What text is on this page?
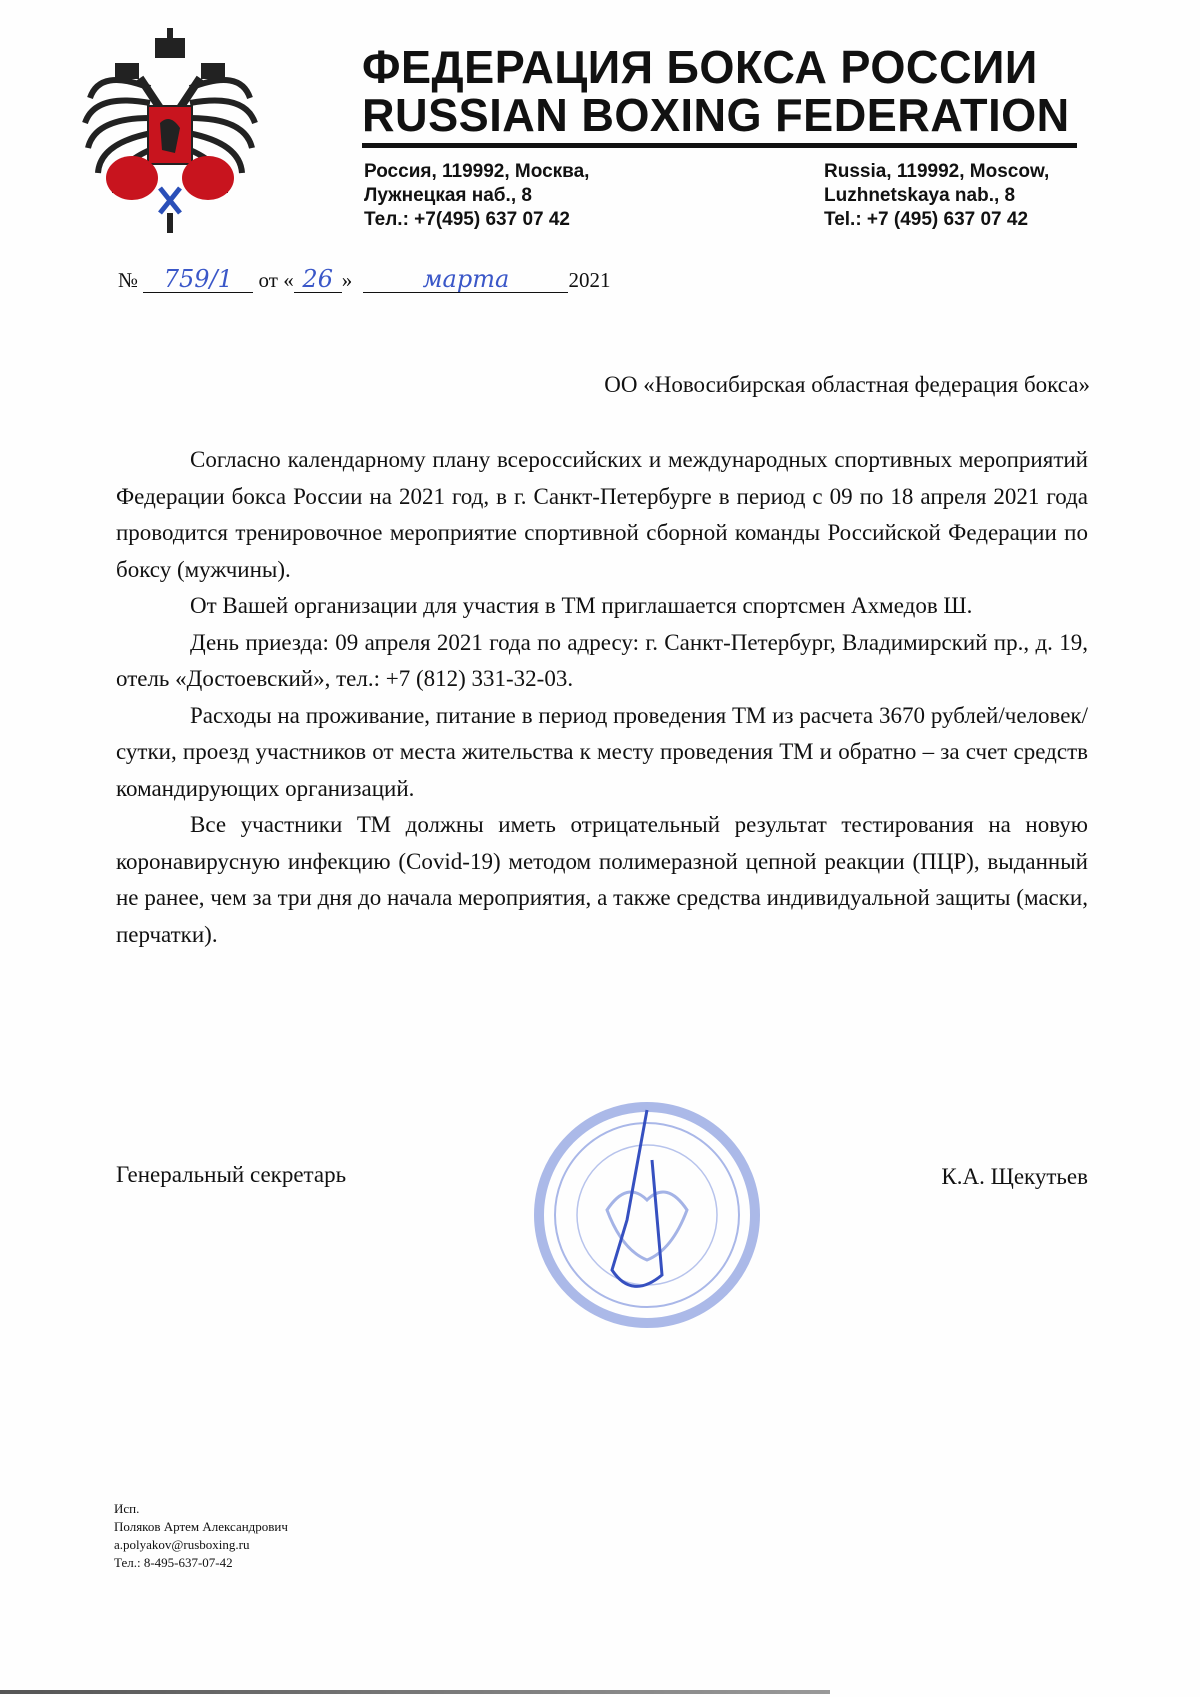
ФЕДЕРАЦИЯ БОКСА РОССИИ
RUSSIAN BOXING FEDERATION
Россия, 119992, Москва,
Лужнецкая наб., 8
Тел.: +7(495) 637 07 42
Russia, 119992, Moscow,
Luzhnetskaya nab., 8
Tel.: +7 (495) 637 07 42
№ 759/1 от « 26 »	марта	2021
ОО «Новосибирская областная федерация бокса»

Согласно календарному плану всероссийских и международных спортивных мероприятий Федерации бокса России на 2021 год, в г. Санкт-Петербурге в период с 09 по 18 апреля 2021 года проводится тренировочное мероприятие спортивной сборной команды Российской Федерации по боксу (мужчины).

От Вашей организации для участия в ТМ приглашается спортсмен Ахмедов Ш.

День приезда: 09 апреля 2021 года по адресу: г. Санкт-Петербург, Владимирский пр., д. 19, отель «Достоевский», тел.: +7 (812) 331-32-03.

Расходы на проживание, питание в период проведения ТМ из расчета 3670 рублей/человек/сутки, проезд участников от места жительства к месту проведения ТМ и обратно – за счет средств командирующих организаций.

Все участники ТМ должны иметь отрицательный результат тестирования на новую коронавирусную инфекцию (Covid-19) методом полимеразной цепной реакции (ПЦР), выданный не ранее, чем за три дня до начала мероприятия, а также средства индивидуальной защиты (маски, перчатки).

Генеральный секретарь	К.А. Щекутьев
Исп.
Поляков Артем Александрович
a.polyakov@rusboxing.ru
Тел.: 8-495-637-07-42
